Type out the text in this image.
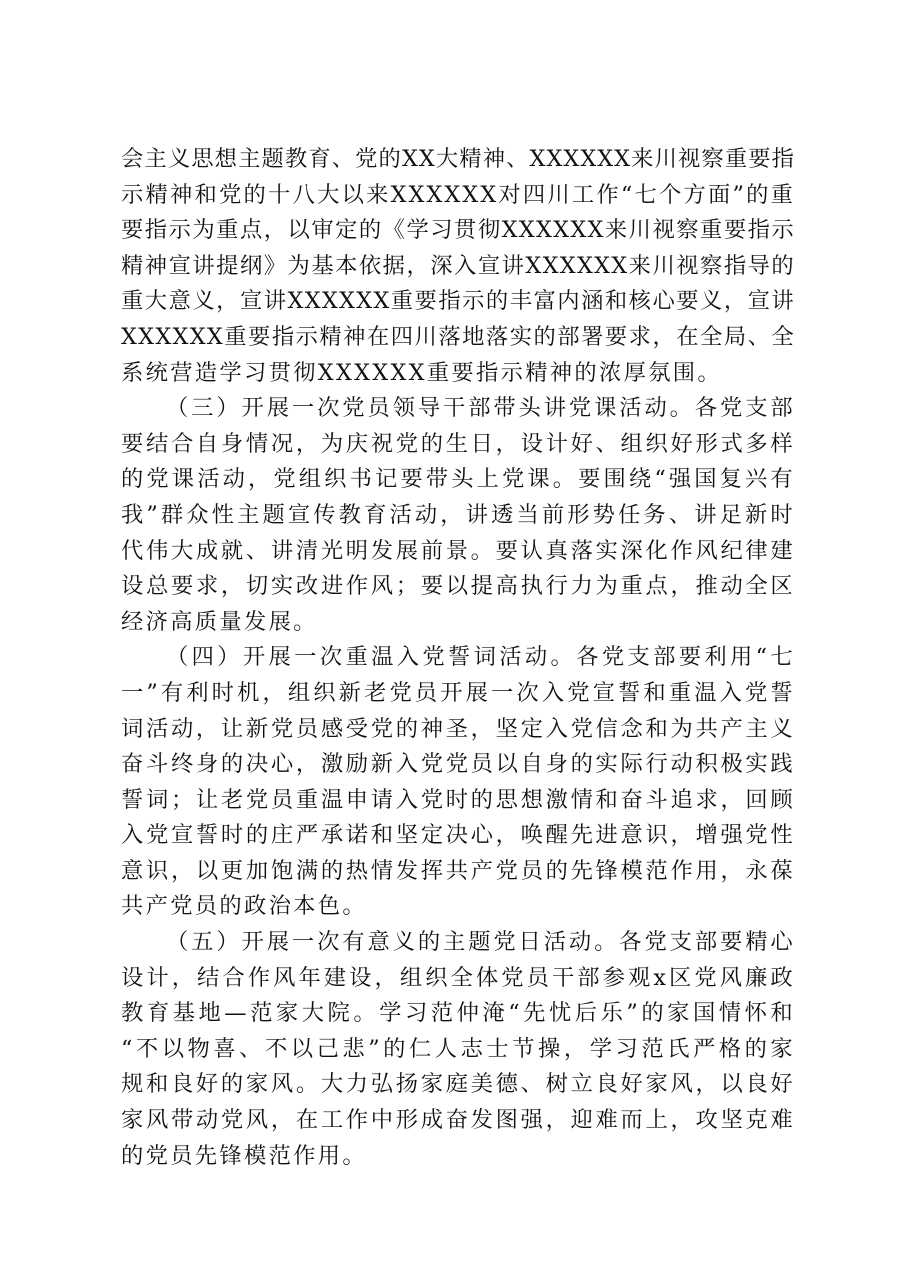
会主义思想主题教育、党的XX大精神、XXXXXX来川视察重要指
示精神和党的十八大以来XXXXXX对四川工作“七个方面”的重
要指示为重点，以审定的《学习贯彻XXXXXX来川视察重要指示
精神宣讲提纲》为基本依据，深入宣讲XXXXXX来川视察指导的
重大意义，宣讲XXXXXX重要指示的丰富内涵和核心要义，宣讲
XXXXXX重要指示精神在四川落地落实的部署要求，在全局、全
系统营造学习贯彻XXXXXX重要指示精神的浓厚氛围。

（三）开展一次党员领导干部带头讲党课活动。各党支部
要结合自身情况，为庆祝党的生日，设计好、组织好形式多样
的党课活动，党组织书记要带头上党课。要围绕“强国复兴有
我”群众性主题宣传教育活动，讲透当前形势任务、讲足新时
代伟大成就、讲清光明发展前景。要认真落实深化作风纪律建
设总要求，切实改进作风；要以提高执行力为重点，推动全区
经济高质量发展。

（四）开展一次重温入党誓词活动。各党支部要利用“七
一”有利时机，组织新老党员开展一次入党宣誓和重温入党誓
词活动，让新党员感受党的神圣，坚定入党信念和为共产主义
奋斗终身的决心，激励新入党党员以自身的实际行动积极实践
誓词；让老党员重温申请入党时的思想激情和奋斗追求，回顾
入党宣誓时的庄严承诺和坚定决心，唤醒先进意识，增强党性
意识，以更加饱满的热情发挥共产党员的先锋模范作用，永葆
共产党员的政治本色。

（五）开展一次有意义的主题党日活动。各党支部要精心
设计，结合作风年建设，组织全体党员干部参观x区党风廉政
教育基地—范家大院。学习范仲淹“先忧后乐”的家国情怀和
“不以物喜、不以己悲”的仁人志士节操，学习范氏严格的家
规和良好的家风。大力弘扬家庭美德、树立良好家风，以良好
家风带动党风，在工作中形成奋发图强，迎难而上，攻坚克难
的党员先锋模范作用。
